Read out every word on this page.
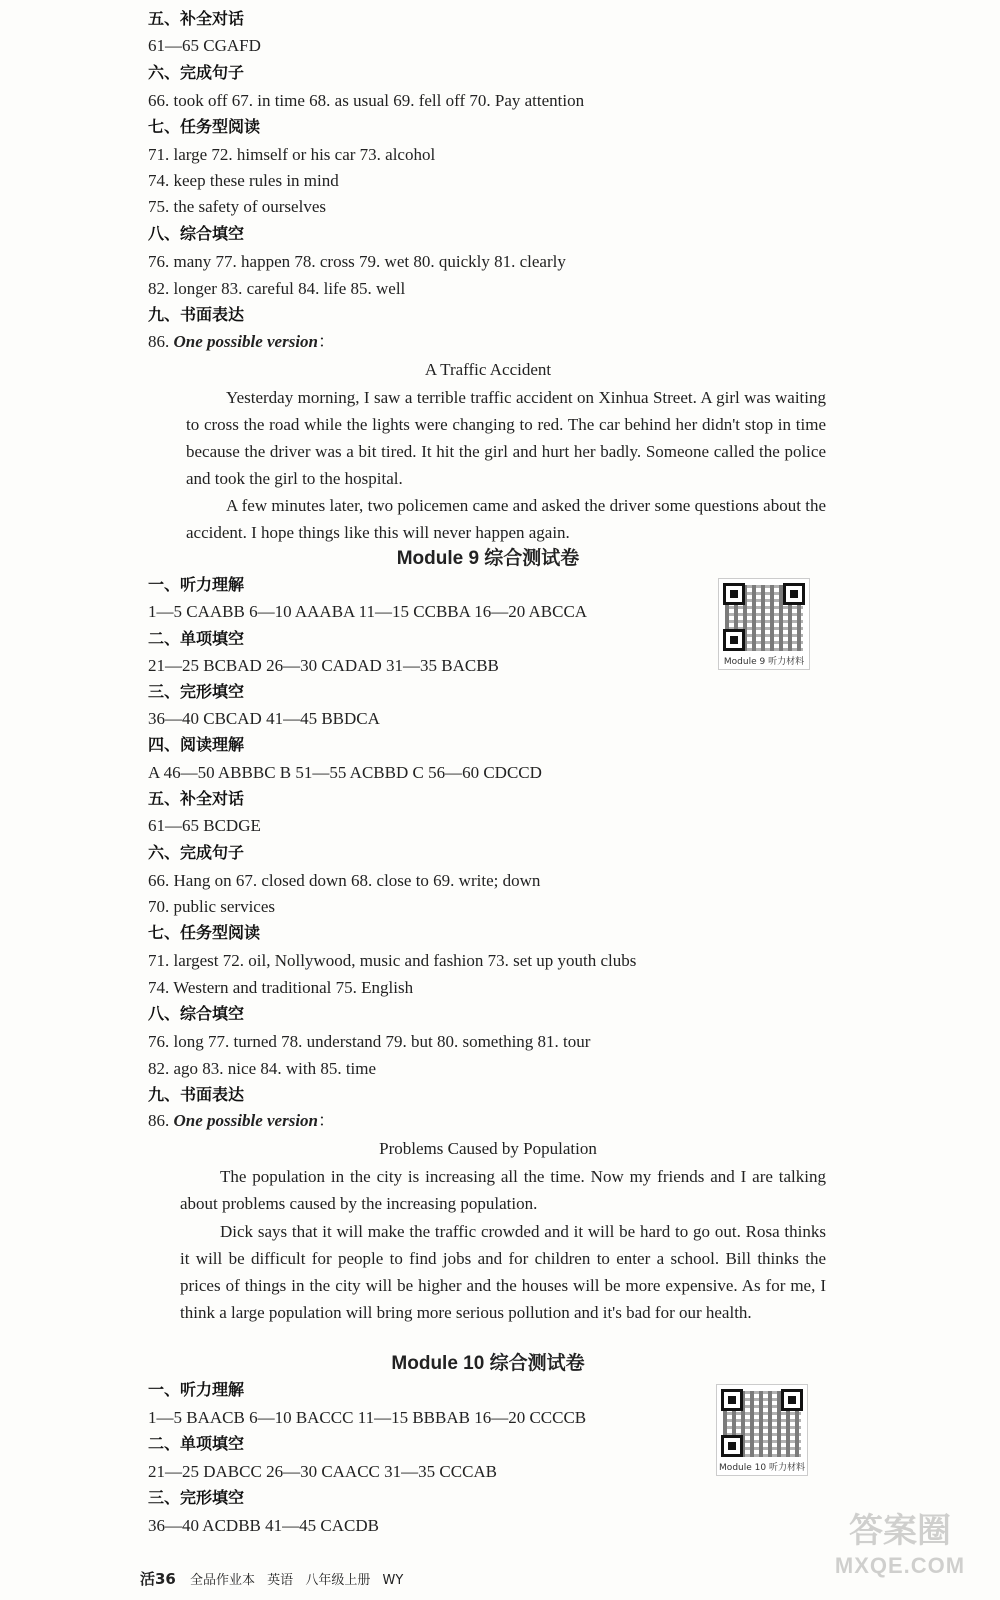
五、补全对话
61—65 CGAFD
六、完成句子
66. took off 67. in time 68. as usual 69. fell off 70. Pay attention
七、任务型阅读
71. large 72. himself or his car 73. alcohol
74. keep these rules in mind
75. the safety of ourselves
八、综合填空
76. many 77. happen 78. cross 79. wet 80. quickly 81. clearly
82. longer 83. careful 84. life 85. well
九、书面表达
86. One possible version：
A Traffic Accident

Yesterday morning, I saw a terrible traffic accident on Xinhua Street. A girl was waiting to cross the road while the lights were changing to red. The car behind her didn't stop in time because the driver was a bit tired. It hit the girl and hurt her badly. Someone called the police and took the girl to the hospital.

A few minutes later, two policemen came and asked the driver some questions about the accident. I hope things like this will never happen again.

Module 9 综合测试卷
Module 9 听力材料
一、听力理解
1—5 CAABB 6—10 AAABA 11—15 CCBBA 16—20 ABCCA
二、单项填空
21—25 BCBAD 26—30 CADAD 31—35 BACBB
三、完形填空
36—40 CBCAD 41—45 BBDCA
四、阅读理解
A 46—50 ABBBC B 51—55 ACBBD C 56—60 CDCCD
五、补全对话
61—65 BCDGE
六、完成句子
66. Hang on 67. closed down 68. close to 69. write; down
70. public services
七、任务型阅读
71. largest 72. oil, Nollywood, music and fashion 73. set up youth clubs
74. Western and traditional 75. English
八、综合填空
76. long 77. turned 78. understand 79. but 80. something 81. tour
82. ago 83. nice 84. with 85. time
九、书面表达
86. One possible version：
Problems Caused by Population

The population in the city is increasing all the time. Now my friends and I are talking about problems caused by the increasing population.

Dick says that it will make the traffic crowded and it will be hard to go out. Rosa thinks it will be difficult for people to find jobs and for children to enter a school. Bill thinks the prices of things in the city will be higher and the houses will be more expensive. As for me, I think a large population will bring more serious pollution and it's bad for our health.

Module 10 综合测试卷
Module 10 听力材料
一、听力理解
1—5 BAACB 6—10 BACCC 11—15 BBBAB 16—20 CCCCB
二、单项填空
21—25 DABCC 26—30 CAACC 31—35 CCCAB
三、完形填空
36—40 ACDBB 41—45 CACDB
活36 全品作业本 英语 八年级上册 WY
答案圈
MXQE.COM
